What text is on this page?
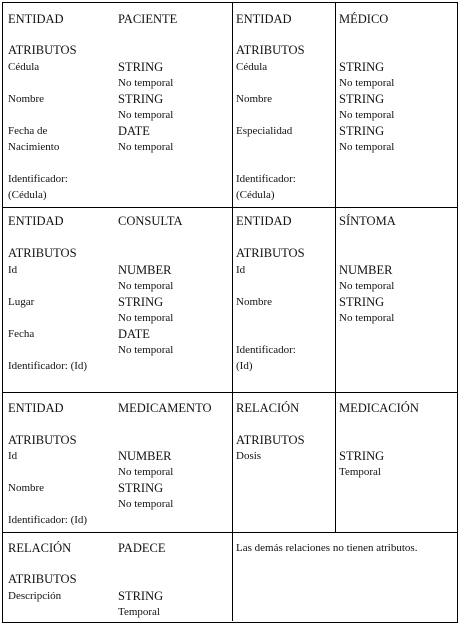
ENTIDAD	PACIENTE
ATRIBUTOS
Cédula	STRING
No temporal
Nombre	STRING
No temporal
Fecha de
Nacimiento
DATE
No temporal
Identificador:
(Cédula)
ENTIDAD	MÉDICO
ATRIBUTOS
Cédula	STRING
No temporal
Nombre	STRING
No temporal
Especialidad	STRING
No temporal
Identificador:
(Cédula)
ENTIDAD	CONSULTA
ATRIBUTOS
Id	NUMBER
No temporal
Lugar	STRING
No temporal
Fecha	DATE
No temporal
Identificador: (Id)
ENTIDAD	SÍNTOMA
ATRIBUTOS
Id	NUMBER
No temporal
Nombre	STRING
No temporal
Identificador:
(Id)
ENTIDAD	MEDICAMENTO
ATRIBUTOS
Id	NUMBER
No temporal
Nombre	STRING
No temporal
Identificador: (Id)
RELACIÓN	MEDICACIÓN
ATRIBUTOS
Dosis	STRING
Temporal
RELACIÓN	PADECE
ATRIBUTOS
Descripción	STRING
Temporal
Las demás relaciones no tienen atributos.
